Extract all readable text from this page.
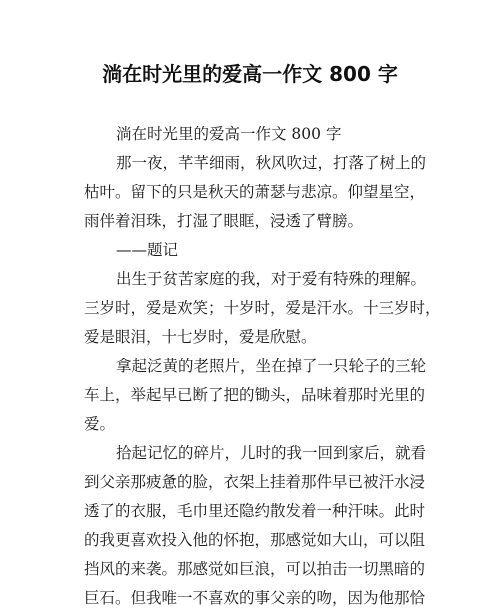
淌在时光里的爱高一作文 800 字
淌在时光里的爱高一作文 800 字
那一夜，芊芊细雨，秋风吹过，打落了树上的
枯叶。留下的只是秋天的萧瑟与悲凉。仰望星空，
雨伴着泪珠，打湿了眼眶，浸透了臂膀。
——题记
出生于贫苦家庭的我，对于爱有特殊的理解。
三岁时，爱是欢笑；十岁时，爱是汗水。十三岁时，
爱是眼泪，十七岁时，爱是欣慰。
拿起泛黄的老照片，坐在掉了一只轮子的三轮
车上，举起早已断了把的锄头，品味着那时光里的
爱。
拾起记忆的碎片，儿时的我一回到家后，就看
到父亲那疲惫的脸，衣架上挂着那件早已被汗水浸
透了的衣服，毛巾里还隐约散发着一种汗味。此时
的我更喜欢投入他的怀抱，那感觉如大山，可以阻
挡风的来袭。那感觉如巨浪，可以拍击一切黑暗的
巨石。但我唯一不喜欢的事父亲的吻，因为他那恰
